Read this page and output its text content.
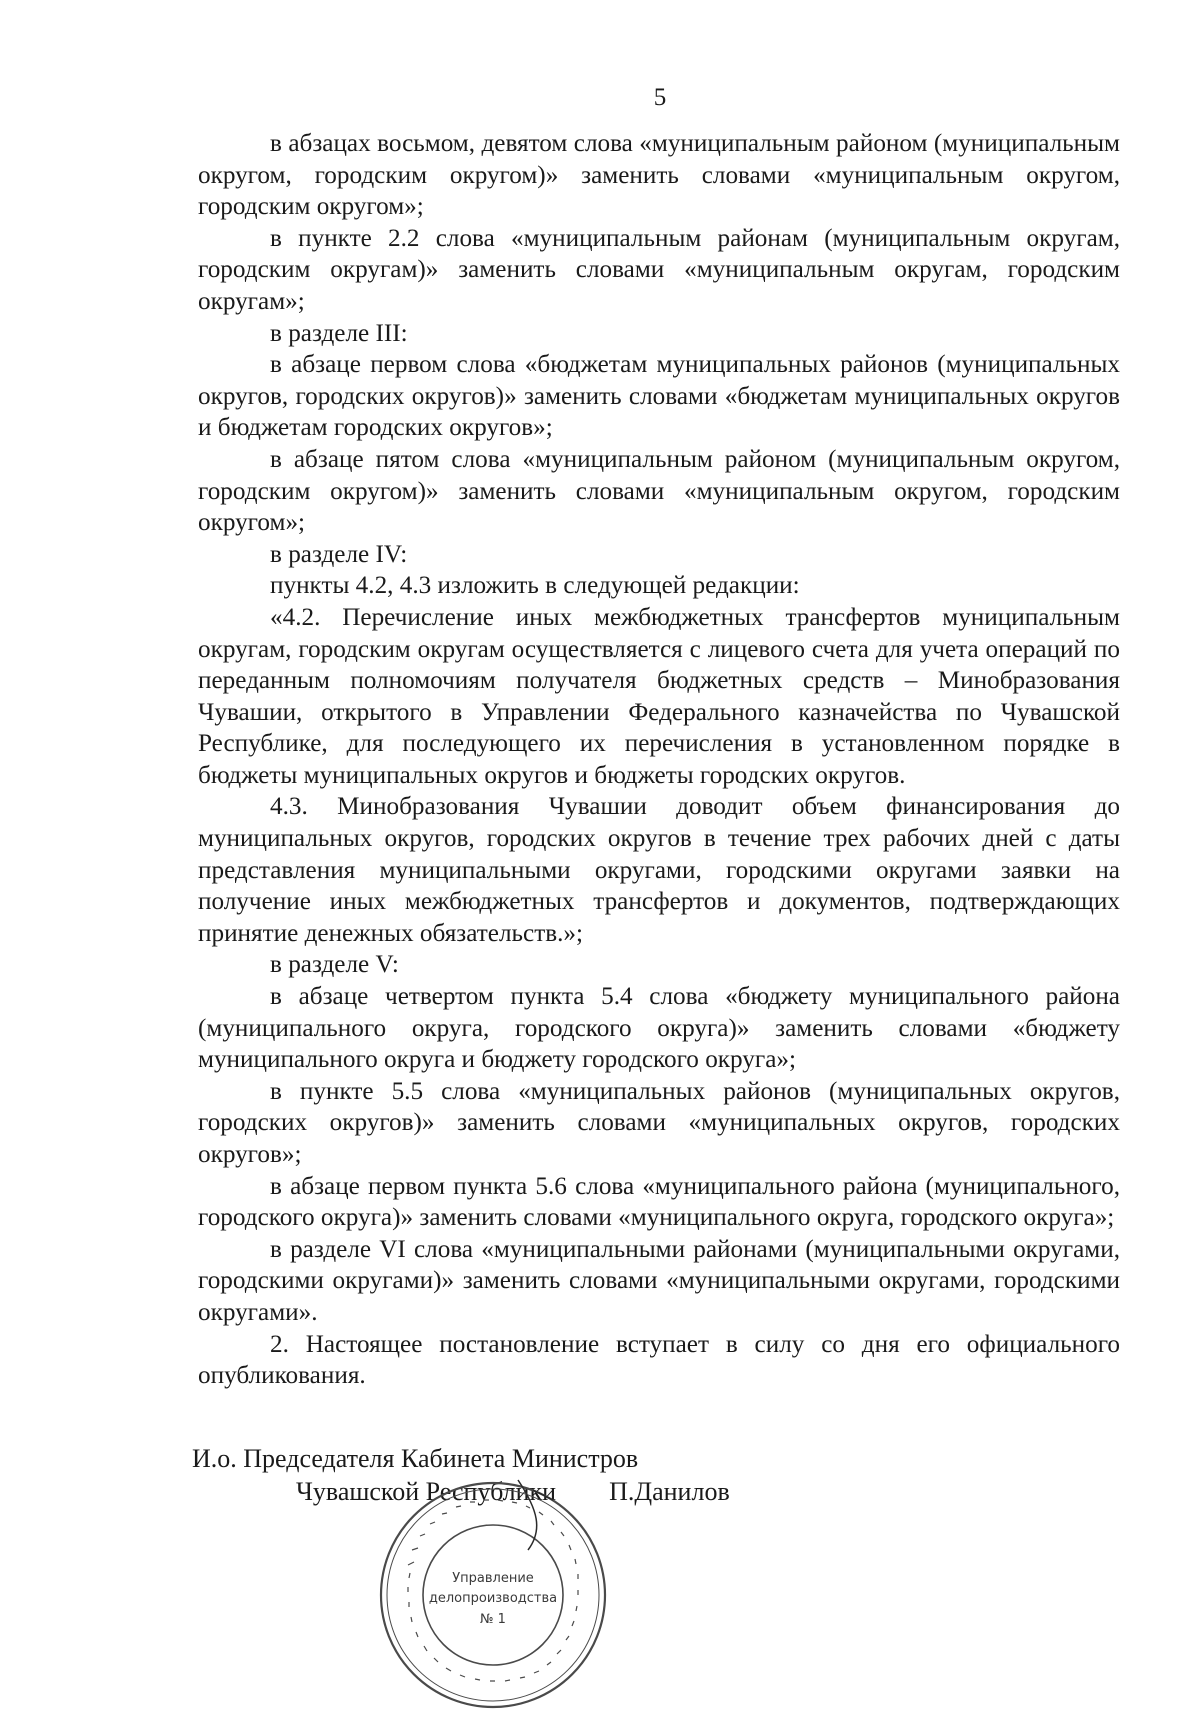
5

в абзацах восьмом, девятом слова «муниципальным районом (муниципальным округом, городским округом)» заменить словами «муниципальным округом, городским округом»;

в пункте 2.2 слова «муниципальным районам (муниципальным округам, городским округам)» заменить словами «муниципальным округам, городским округам»;

в разделе III:

в абзаце первом слова «бюджетам муниципальных районов (муниципальных округов, городских округов)» заменить словами «бюджетам муниципальных округов и бюджетам городских округов»;

в абзаце пятом слова «муниципальным районом (муниципальным округом, городским округом)» заменить словами «муниципальным округом, городским округом»;

в разделе IV:

пункты 4.2, 4.3 изложить в следующей редакции:

«4.2. Перечисление иных межбюджетных трансфертов муниципальным округам, городским округам осуществляется с лицевого счета для учета операций по переданным полномочиям получателя бюджетных средств – Минобразования Чувашии, открытого в Управлении Федерального казначейства по Чувашской Республике, для последующего их перечисления в установленном порядке в бюджеты муниципальных округов и бюджеты городских округов.

4.3. Минобразования Чувашии доводит объем финансирования до муниципальных округов, городских округов в течение трех рабочих дней с даты представления муниципальными округами, городскими округами заявки на получение иных межбюджетных трансфертов и документов, подтверждающих принятие денежных обязательств.»;

в разделе V:

в абзаце четвертом пункта 5.4 слова «бюджету муниципального района (муниципального округа, городского округа)» заменить словами «бюджету муниципального округа и бюджету городского округа»;

в пункте 5.5 слова «муниципальных районов (муниципальных округов, городских округов)» заменить словами «муниципальных округов, городских округов»;

в абзаце первом пункта 5.6 слова «муниципального района (муниципального, городского округа)» заменить словами «муниципального округа, городского округа»;

в разделе VI слова «муниципальными районами (муниципальными округами, городскими округами)» заменить словами «муниципальными округами, городскими округами».

2. Настоящее постановление вступает в силу со дня его официального опубликования.

И.о. Председателя Кабинета Министров
Чувашской Республики П.Данилов
Управление
делопроизводства
№ 1
